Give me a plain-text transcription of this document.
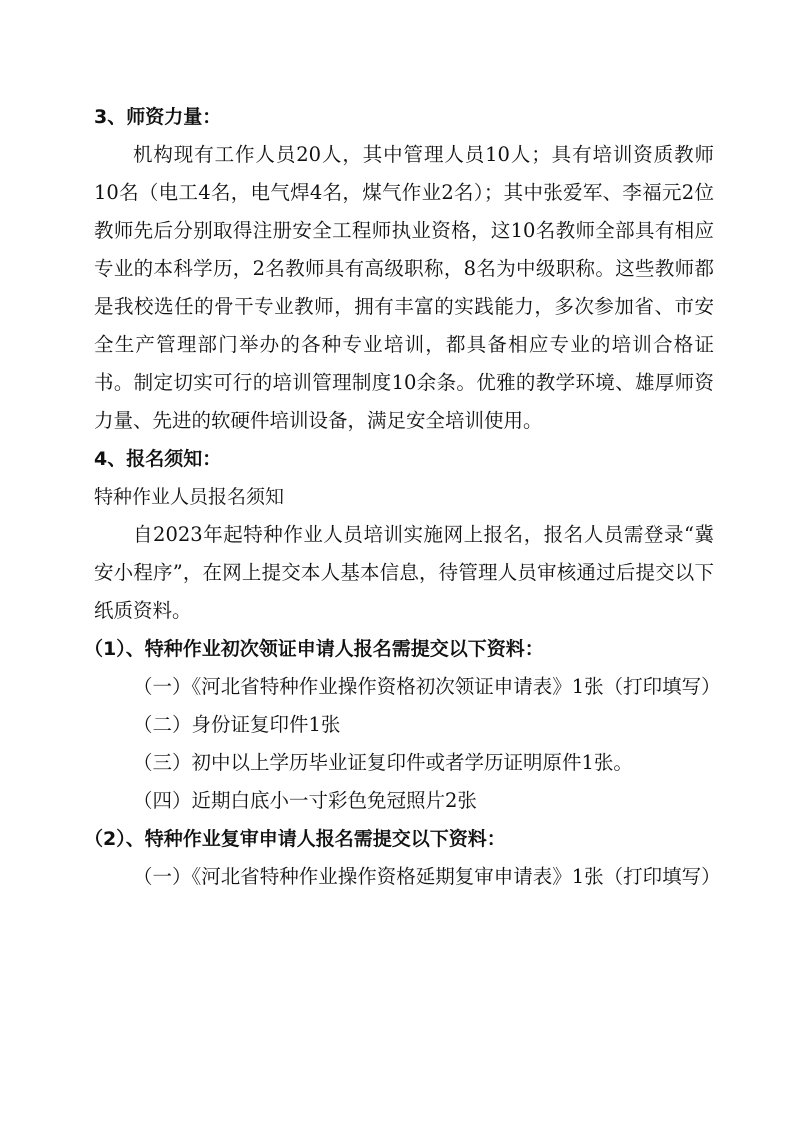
3、师资力量：

机构现有工作人员20人，其中管理人员10人；具有培训资质教师10名（电工4名，电气焊4名，煤气作业2名）；其中张爱军、李福元2位教师先后分别取得注册安全工程师执业资格，这10名教师全部具有相应专业的本科学历，2名教师具有高级职称，8名为中级职称。这些教师都是我校选任的骨干专业教师，拥有丰富的实践能力，多次参加省、市安全生产管理部门举办的各种专业培训，都具备相应专业的培训合格证书。制定切实可行的培训管理制度10余条。优雅的教学环境、雄厚师资力量、先进的软硬件培训设备，满足安全培训使用。

4、报名须知：

特种作业人员报名须知

自2023年起特种作业人员培训实施网上报名，报名人员需登录“冀安小程序”，在网上提交本人基本信息，待管理人员审核通过后提交以下纸质资料。

（1）、特种作业初次领证申请人报名需提交以下资料：

（一）《河北省特种作业操作资格初次领证申请表》1张（打印填写）

（二）身份证复印件1张

（三）初中以上学历毕业证复印件或者学历证明原件1张。

（四）近期白底小一寸彩色免冠照片2张

（2）、特种作业复审申请人报名需提交以下资料：

（一）《河北省特种作业操作资格延期复审申请表》1张（打印填写）
